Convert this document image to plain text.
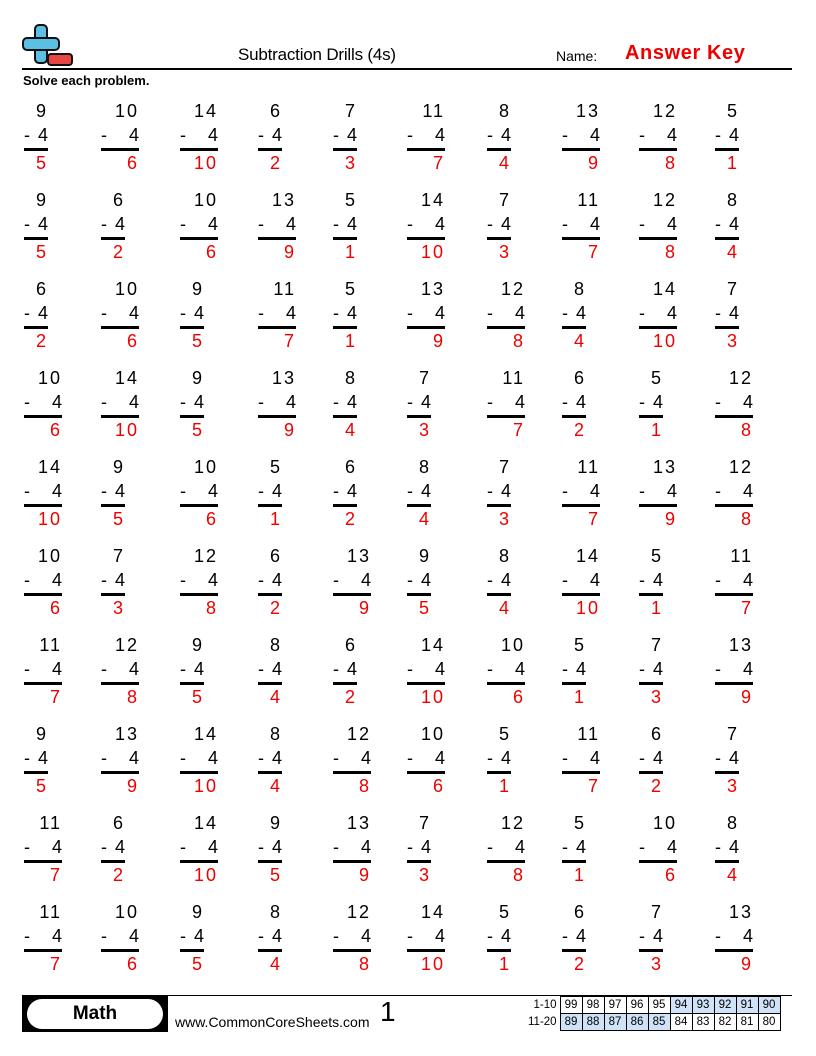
Subtraction Drills (4s)	Name: Answer Key
Solve each problem.
9
- 4
5
10
- 4
6
14
- 4
10
6
- 4
2
7
- 4
3
11
- 4
7
8
- 4
4
13
- 4
9
12
- 4
8
5
- 4
1
9
- 4
5
6
- 4
2
10
- 4
6
13
- 4
9
5
- 4
1
14
- 4
10
7
- 4
3
11
- 4
7
12
- 4
8
8
- 4
4
6
- 4
2
10
- 4
6
9
- 4
5
11
- 4
7
5
- 4
1
13
- 4
9
12
- 4
8
8
- 4
4
14
- 4
10
7
- 4
3
10
- 4
6
14
- 4
10
9
- 4
5
13
- 4
9
8
- 4
4
7
- 4
3
11
- 4
7
6
- 4
2
5
- 4
1
12
- 4
8
14
- 4
10
9
- 4
5
10
- 4
6
5
- 4
1
6
- 4
2
8
- 4
4
7
- 4
3
11
- 4
7
13
- 4
9
12
- 4
8
10
- 4
6
7
- 4
3
12
- 4
8
6
- 4
2
13
- 4
9
9
- 4
5
8
- 4
4
14
- 4
10
5
- 4
1
11
- 4
7
11
- 4
7
12
- 4
8
9
- 4
5
8
- 4
4
6
- 4
2
14
- 4
10
10
- 4
6
5
- 4
1
7
- 4
3
13
- 4
9
9
- 4
5
13
- 4
9
14
- 4
10
8
- 4
4
12
- 4
8
10
- 4
6
5
- 4
1
11
- 4
7
6
- 4
2
7
- 4
3
11
- 4
7
6
- 4
2
14
- 4
10
9
- 4
5
13
- 4
9
7
- 4
3
12
- 4
8
5
- 4
1
10
- 4
6
8
- 4
4
11
- 4
7
10
- 4
6
9
- 4
5
8
- 4
4
12
- 4
8
14
- 4
10
5
- 4
1
6
- 4
2
7
- 4
3
13
- 4
9
Math	www.CommonCoreSheets.com 1	1-10	99	98	97	96	95	94	93	92	91	90
11-20	89	88	87	86	85	84	83	82	81	80
